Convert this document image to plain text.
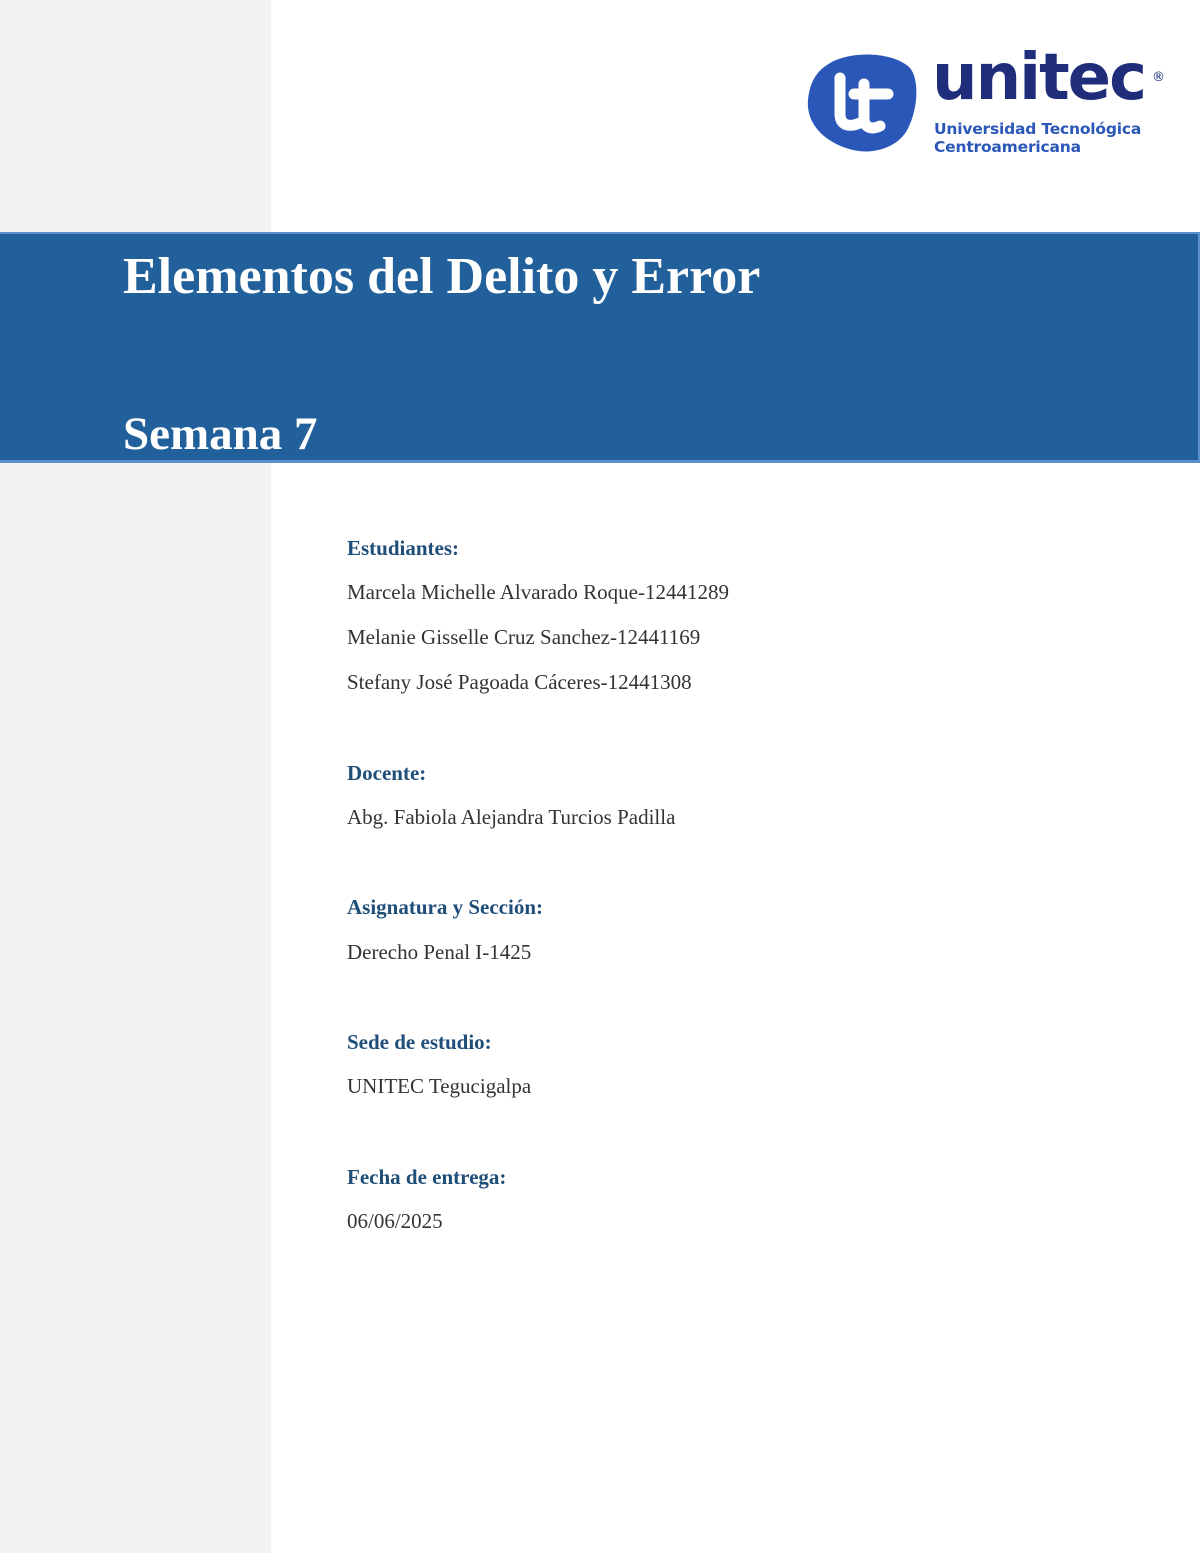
unitec ®
Universidad Tecnológica
Centroamericana
Elementos del Delito y Error
Semana 7
Estudiantes:
Marcela Michelle Alvarado Roque-12441289
Melanie Gisselle Cruz Sanchez-12441169
Stefany José Pagoada Cáceres-12441308
Docente:
Abg. Fabiola Alejandra Turcios Padilla
Asignatura y Sección:
Derecho Penal I-1425
Sede de estudio:
UNITEC Tegucigalpa
Fecha de entrega:
06/06/2025
